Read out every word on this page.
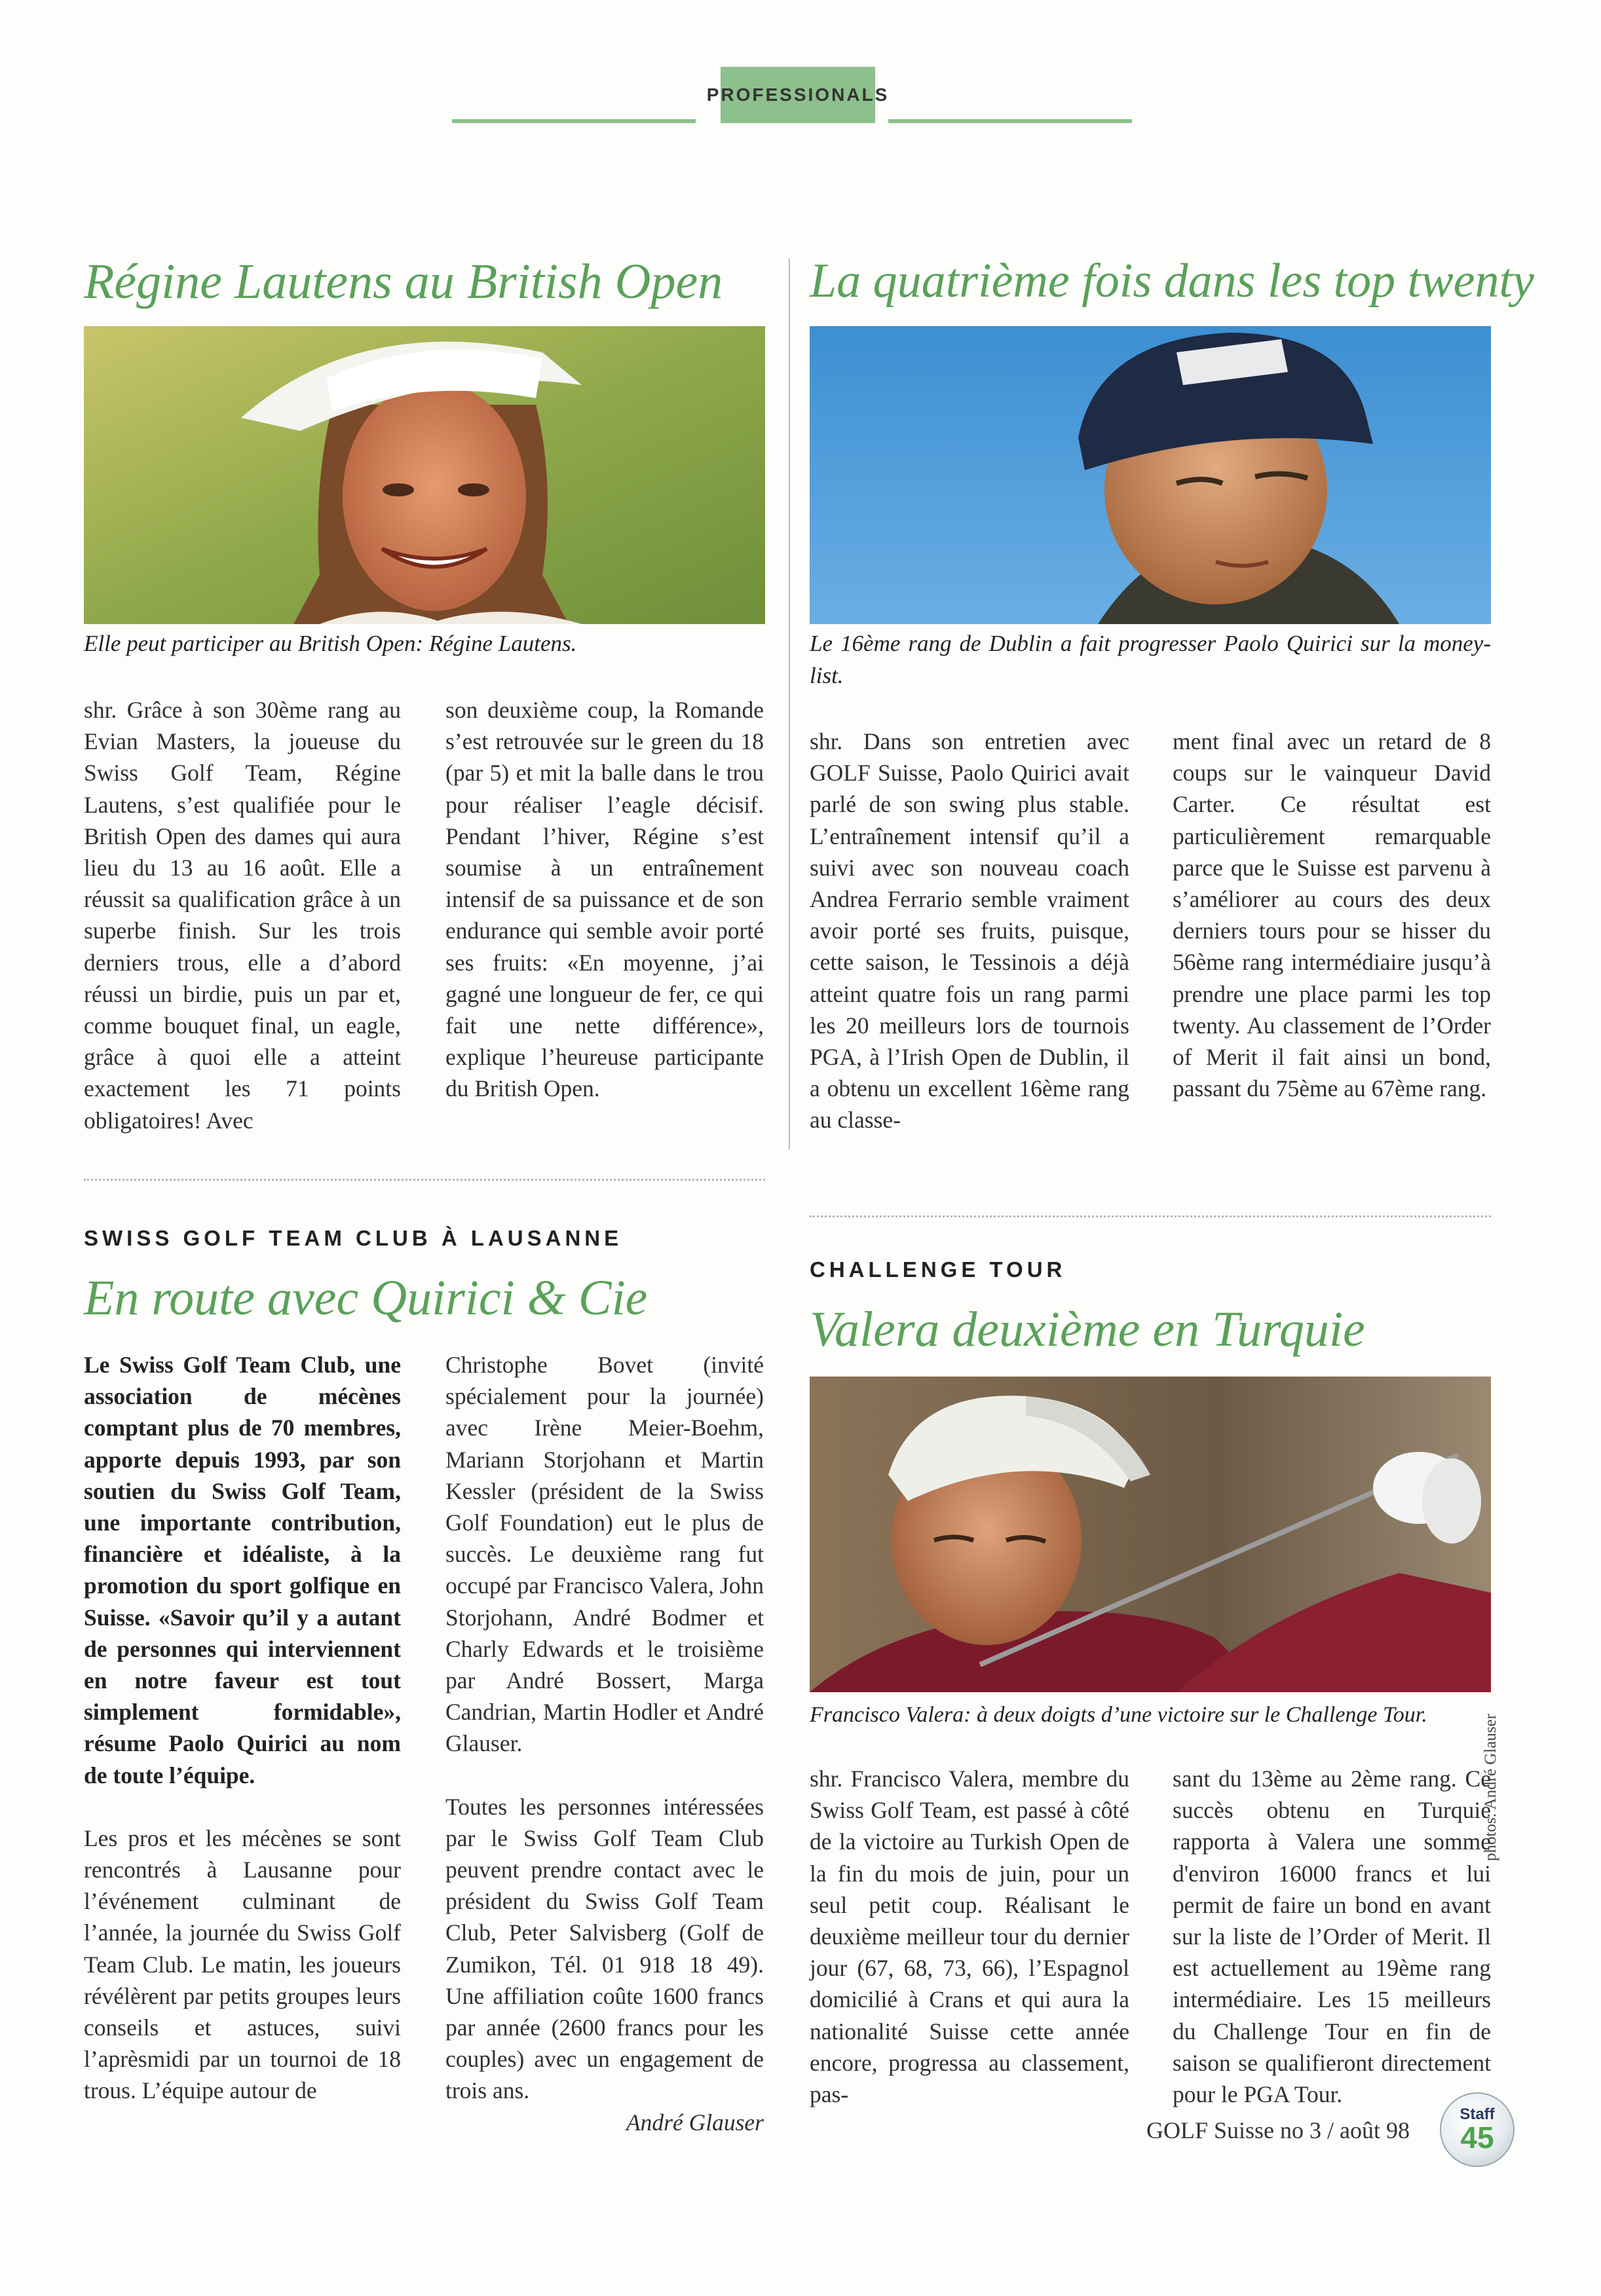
PROFESSIONALS
Régine Lautens au British Open
Elle peut participer au British Open: Régine Lautens.

shr. Grâce à son 30ème rang au Evian Masters, la joueuse du Swiss Golf Team, Régine Lautens, s’est qualifiée pour le British Open des dames qui aura lieu du 13 au 16 août. Elle a réussit sa qualification grâce à un superbe finish. Sur les trois derniers trous, elle a d’abord réussi un birdie, puis un par et, comme bouquet final, un eagle, grâce à quoi elle a atteint exactement les 71 points obligatoires! Avec

son deuxième coup, la Romande s’est retrouvée sur le green du 18 (par 5) et mit la balle dans le trou pour réaliser l’eagle décisif. Pendant l’hiver, Régine s’est soumise à un entraînement intensif de sa puissance et de son endurance qui semble avoir porté ses fruits: «En moyenne, j’ai gagné une longueur de fer, ce qui fait une nette différence», explique l’heureuse participante du British Open.

La quatrième fois dans les top twenty
Le 16ème rang de Dublin a fait progresser Paolo Quirici sur la money-list.

shr. Dans son entretien avec GOLF Suisse, Paolo Quirici avait parlé de son swing plus stable. L’entraînement intensif qu’il a suivi avec son nouveau coach Andrea Ferrario semble vraiment avoir porté ses fruits, puisque, cette saison, le Tessinois a déjà atteint quatre fois un rang parmi les 20 meilleurs lors de tournois PGA, à l’Irish Open de Dublin, il a obtenu un excellent 16ème rang au classe-

ment final avec un retard de 8 coups sur le vainqueur David Carter. Ce résultat est particulièrement remarquable parce que le Suisse est parvenu à s’améliorer au cours des deux derniers tours pour se hisser du 56ème rang intermédiaire jusqu’à prendre une place parmi les top twenty. Au classement de l’Order of Merit il fait ainsi un bond, passant du 75ème au 67ème rang.

SWISS GOLF TEAM CLUB À LAUSANNE
En route avec Quirici & Cie

Le Swiss Golf Team Club, une association de mécènes comptant plus de 70 membres, apporte depuis 1993, par son soutien du Swiss Golf Team, une importante contribution, financière et idéaliste, à la promotion du sport golfique en Suisse. «Savoir qu’il y a autant de personnes qui interviennent en notre faveur est tout simplement formidable», résume Paolo Quirici au nom de toute l’équipe.

Les pros et les mécènes se sont rencontrés à Lausanne pour l’événement culminant de l’année, la journée du Swiss Golf Team Club. Le matin, les joueurs révélèrent par petits groupes leurs conseils et astuces, suivi l’aprèsmidi par un tournoi de 18 trous. L’équipe autour de

Christophe Bovet (invité spécialement pour la journée) avec Irène Meier-Boehm, Mariann Storjohann et Martin Kessler (président de la Swiss Golf Foundation) eut le plus de succès. Le deuxième rang fut occupé par Francisco Valera, John Storjohann, André Bodmer et Charly Edwards et le troisième par André Bossert, Marga Candrian, Martin Hodler et André Glauser.

Toutes les personnes intéressées par le Swiss Golf Team Club peuvent prendre contact avec le président du Swiss Golf Team Club, Peter Salvisberg (Golf de Zumikon, Tél. 01 918 18 49). Une affiliation coûte 1600 francs par année (2600 francs pour les couples) avec un engagement de trois ans.

André Glauser

CHALLENGE TOUR
Valera deuxième en Turquie
photos: André Glauser
Francisco Valera: à deux doigts d’une victoire sur le Challenge Tour.

shr. Francisco Valera, membre du Swiss Golf Team, est passé à côté de la victoire au Turkish Open de la fin du mois de juin, pour un seul petit coup. Réalisant le deuxième meilleur tour du dernier jour (67, 68, 73, 66), l’Espagnol domicilié à Crans et qui aura la nationalité Suisse cette année encore, progressa au classement, pas-

sant du 13ème au 2ème rang. Ce succès obtenu en Turquie rapporta à Valera une somme d'environ 16000 francs et lui permit de faire un bond en avant sur la liste de l’Order of Merit. Il est actuellement au 19ème rang intermédiaire. Les 15 meilleurs du Challenge Tour en fin de saison se qualifieront directement pour le PGA Tour.

GOLF Suisse no 3 / août 98
Staff
45
